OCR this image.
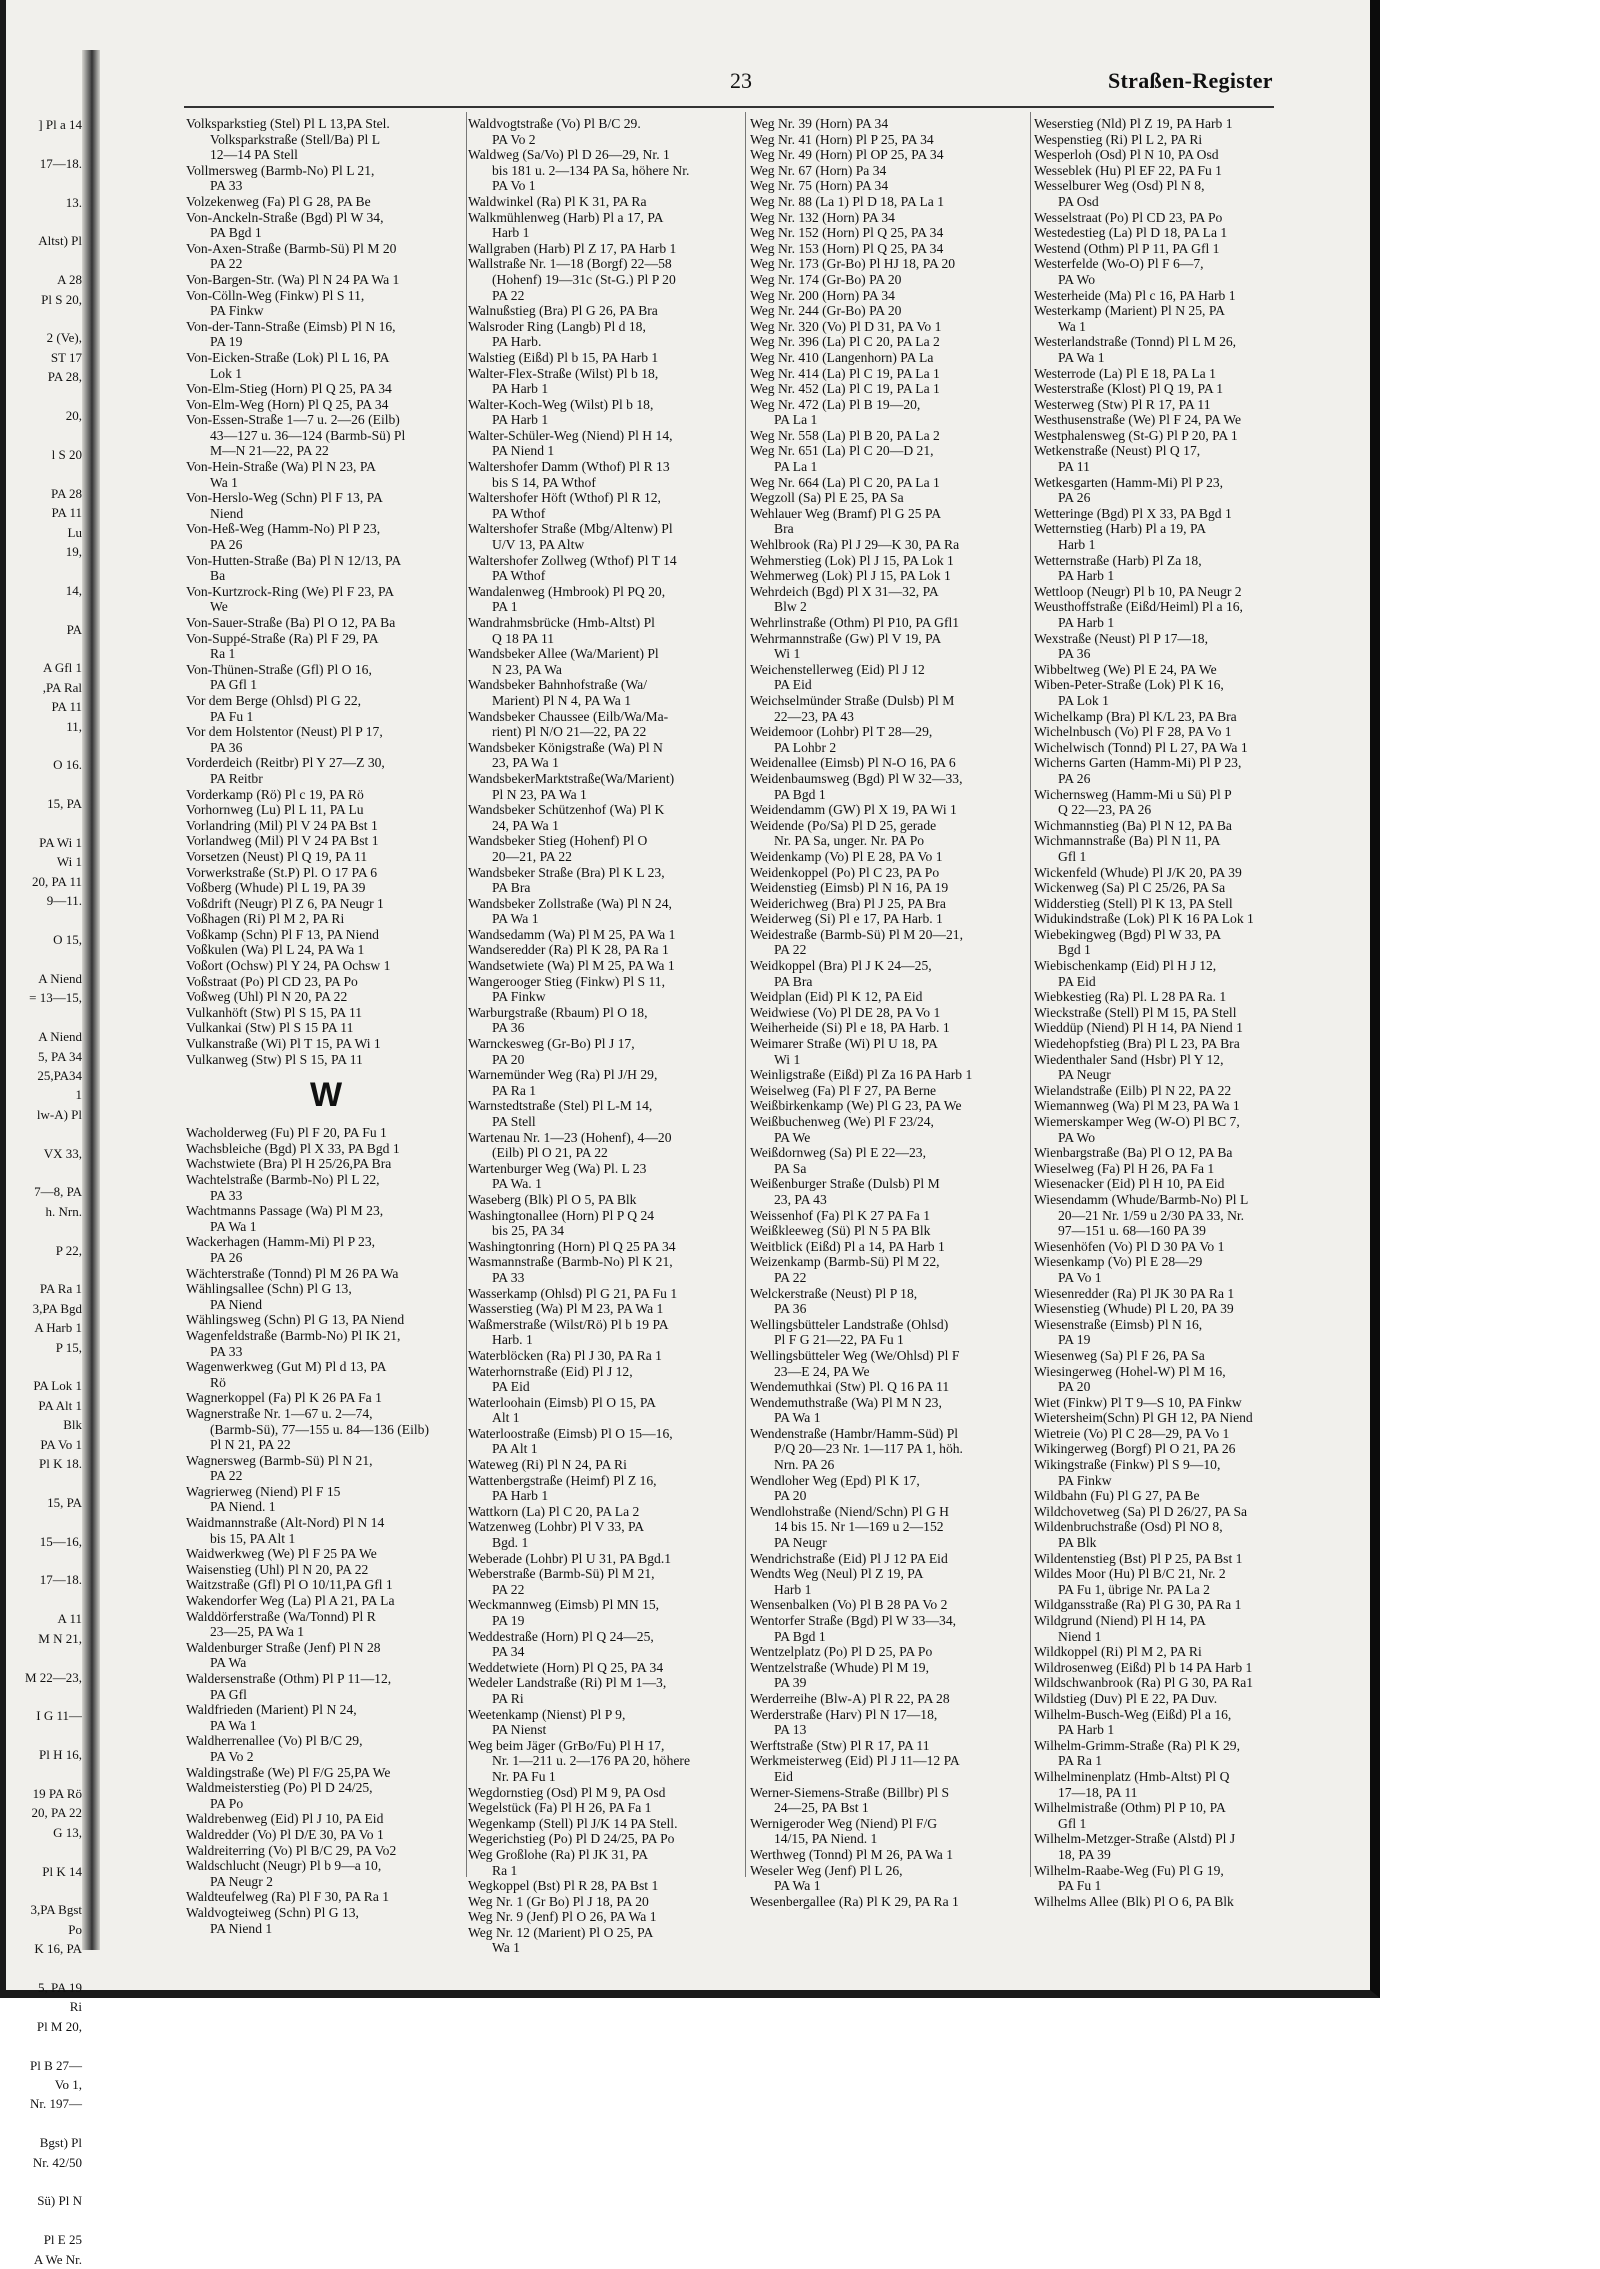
] Pl a 14

17—18.

13.

Altst) Pl

A 28
Pl S 20,

2 (Ve),
ST 17
PA 28,

20,

l S 20

PA 28
PA 11
Lu
19,

14,

PA

A Gfl 1
,PA Ral
PA 11
11,

O 16.

15, PA

PA Wi 1
Wi 1
20, PA 11
9—11.

O 15,

A Niend
= 13—15,

A Niend
5, PA 34
25,PA34
1
lw-A) Pl

VX 33,

7—8, PA
h. Nrn.

P 22,

PA Ra 1
3,PA Bgd
A Harb 1
P 15,

PA Lok 1
PA Alt 1
Blk
PA Vo 1
Pl K 18.

15, PA

15—16,

17—18.

A 11
M N 21,

M 22—23,

I G 11—

Pl H 16,

19 PA Rö
20, PA 22
G 13,

Pl K 14

3,PA Bgst
Po
K 16, PA

5, PA 19
Ri
Pl M 20,

Pl B 27—
Vo 1,
Nr. 197—

Bgst) Pl
Nr. 42/50

Sü) Pl N

Pl E 25
A We Nr.
23	Straßen-Register
Volksparkstieg (Stel) Pl L 13,PA Stel.
Volksparkstraße (Stell/Ba) Pl L
12—14 PA Stell
Vollmersweg (Barmb-No) Pl L 21,
PA 33
Volzekenweg (Fa) Pl G 28, PA Be
Von-Anckeln-Straße (Bgd) Pl W 34,
PA Bgd 1
Von-Axen-Straße (Barmb-Sü) Pl M 20
PA 22
Von-Bargen-Str. (Wa) Pl N 24 PA Wa 1
Von-Cölln-Weg (Finkw) Pl S 11,
PA Finkw
Von-der-Tann-Straße (Eimsb) Pl N 16,
PA 19
Von-Eicken-Straße (Lok) Pl L 16, PA
Lok 1
Von-Elm-Stieg (Horn) Pl Q 25, PA 34
Von-Elm-Weg (Horn) Pl Q 25, PA 34
Von-Essen-Straße 1—7 u. 2—26 (Eilb)
43—127 u. 36—124 (Barmb-Sü) Pl
M—N 21—22, PA 22
Von-Hein-Straße (Wa) Pl N 23, PA
Wa 1
Von-Herslo-Weg (Schn) Pl F 13, PA
Niend
Von-Heß-Weg (Hamm-No) Pl P 23,
PA 26
Von-Hutten-Straße (Ba) Pl N 12/13, PA
Ba
Von-Kurtzrock-Ring (We) Pl F 23, PA
We
Von-Sauer-Straße (Ba) Pl O 12, PA Ba
Von-Suppé-Straße (Ra) Pl F 29, PA
Ra 1
Von-Thünen-Straße (Gfl) Pl O 16,
PA Gfl 1
Vor dem Berge (Ohlsd) Pl G 22,
PA Fu 1
Vor dem Holstentor (Neust) Pl P 17,
PA 36
Vorderdeich (Reitbr) Pl Y 27—Z 30,
PA Reitbr
Vorderkamp (Rö) Pl c 19, PA Rö
Vorhornweg (Lu) Pl L 11, PA Lu
Vorlandring (Mil) Pl V 24 PA Bst 1
Vorlandweg (Mil) Pl V 24 PA Bst 1
Vorsetzen (Neust) Pl Q 19, PA 11
Vorwerkstraße (St.P) Pl. O 17 PA 6
Voßberg (Whude) Pl L 19, PA 39
Voßdrift (Neugr) Pl Z 6, PA Neugr 1
Voßhagen (Ri) Pl M 2, PA Ri
Voßkamp (Schn) Pl F 13, PA Niend
Voßkulen (Wa) Pl L 24, PA Wa 1
Voßort (Ochsw) Pl Y 24, PA Ochsw 1
Voßstraat (Po) Pl CD 23, PA Po
Voßweg (Uhl) Pl N 20, PA 22
Vulkanhöft (Stw) Pl S 15, PA 11
Vulkankai (Stw) Pl S 15 PA 11
Vulkanstraße (Wi) Pl T 15, PA Wi 1
Vulkanweg (Stw) Pl S 15, PA 11
W
Wacholderweg (Fu) Pl F 20, PA Fu 1
Wachsbleiche (Bgd) Pl X 33, PA Bgd 1
Wachstwiete (Bra) Pl H 25/26,PA Bra
Wachtelstraße (Barmb-No) Pl L 22,
PA 33
Wachtmanns Passage (Wa) Pl M 23,
PA Wa 1
Wackerhagen (Hamm-Mi) Pl P 23,
PA 26
Wächterstraße (Tonnd) Pl M 26 PA Wa
Wählingsallee (Schn) Pl G 13,
PA Niend
Wählingsweg (Schn) Pl G 13, PA Niend
Wagenfeldstraße (Barmb-No) Pl IK 21,
PA 33
Wagenwerkweg (Gut M) Pl d 13, PA
Rö
Wagnerkoppel (Fa) Pl K 26 PA Fa 1
Wagnerstraße Nr. 1—67 u. 2—74,
(Barmb-Sü), 77—155 u. 84—136 (Eilb)
Pl N 21, PA 22
Wagnersweg (Barmb-Sü) Pl N 21,
PA 22
Wagrierweg (Niend) Pl F 15
PA Niend. 1
Waidmannstraße (Alt-Nord) Pl N 14
bis 15, PA Alt 1
Waidwerkweg (We) Pl F 25 PA We
Waisenstieg (Uhl) Pl N 20, PA 22
Waitzstraße (Gfl) Pl O 10/11,PA Gfl 1
Wakendorfer Weg (La) Pl A 21, PA La
Walddörferstraße (Wa/Tonnd) Pl R
23—25, PA Wa 1
Waldenburger Straße (Jenf) Pl N 28
PA Wa
Waldersenstraße (Othm) Pl P 11—12,
PA Gfl
Waldfrieden (Marient) Pl N 24,
PA Wa 1
Waldherrenallee (Vo) Pl B/C 29,
PA Vo 2
Waldingstraße (We) Pl F/G 25,PA We
Waldmeisterstieg (Po) Pl D 24/25,
PA Po
Waldrebenweg (Eid) Pl J 10, PA Eid
Waldredder (Vo) Pl D/E 30, PA Vo 1
Waldreiterring (Vo) Pl B/C 29, PA Vo2
Waldschlucht (Neugr) Pl b 9—a 10,
PA Neugr 2
Waldteufelweg (Ra) Pl F 30, PA Ra 1
Waldvogteiweg (Schn) Pl G 13,
PA Niend 1
Waldvogtstraße (Vo) Pl B/C 29.
PA Vo 2
Waldweg (Sa/Vo) Pl D 26—29, Nr. 1
bis 181 u. 2—134 PA Sa, höhere Nr.
PA Vo 1
Waldwinkel (Ra) Pl K 31, PA Ra
Walkmühlenweg (Harb) Pl a 17, PA
Harb 1
Wallgraben (Harb) Pl Z 17, PA Harb 1
Wallstraße Nr. 1—18 (Borgf) 22—58
(Hohenf) 19—31c (St-G.) Pl P 20
PA 22
Walnußstieg (Bra) Pl G 26, PA Bra
Walsroder Ring (Langb) Pl d 18,
PA Harb.
Walstieg (Eißd) Pl b 15, PA Harb 1
Walter-Flex-Straße (Wilst) Pl b 18,
PA Harb 1
Walter-Koch-Weg (Wilst) Pl b 18,
PA Harb 1
Walter-Schüler-Weg (Niend) Pl H 14,
PA Niend 1
Waltershofer Damm (Wthof) Pl R 13
bis S 14, PA Wthof
Waltershofer Höft (Wthof) Pl R 12,
PA Wthof
Waltershofer Straße (Mbg/Altenw) Pl
U/V 13, PA Altw
Waltershofer Zollweg (Wthof) Pl T 14
PA Wthof
Wandalenweg (Hmbrook) Pl PQ 20,
PA 1
Wandrahmsbrücke (Hmb-Altst) Pl
Q 18 PA 11
Wandsbeker Allee (Wa/Marient) Pl
N 23, PA Wa
Wandsbeker Bahnhofstraße (Wa/
Marient) Pl N 4, PA Wa 1
Wandsbeker Chaussee (Eilb/Wa/Ma-
rient) Pl N/O 21—22, PA 22
Wandsbeker Königstraße (Wa) Pl N
23, PA Wa 1
WandsbekerMarktstraße(Wa/Marient)
Pl N 23, PA Wa 1
Wandsbeker Schützenhof (Wa) Pl K
24, PA Wa 1
Wandsbeker Stieg (Hohenf) Pl O
20—21, PA 22
Wandsbeker Straße (Bra) Pl K L 23,
PA Bra
Wandsbeker Zollstraße (Wa) Pl N 24,
PA Wa 1
Wandsedamm (Wa) Pl M 25, PA Wa 1
Wandseredder (Ra) Pl K 28, PA Ra 1
Wandsetwiete (Wa) Pl M 25, PA Wa 1
Wangerooger Stieg (Finkw) Pl S 11,
PA Finkw
Warburgstraße (Rbaum) Pl O 18,
PA 36
Warnckesweg (Gr-Bo) Pl J 17,
PA 20
Warnemünder Weg (Ra) Pl J/H 29,
PA Ra 1
Warnstedtstraße (Stel) Pl L-M 14,
PA Stell
Wartenau Nr. 1—23 (Hohenf), 4—20
(Eilb) Pl O 21, PA 22
Wartenburger Weg (Wa) Pl. L 23
PA Wa. 1
Waseberg (Blk) Pl O 5, PA Blk
Washingtonallee (Horn) Pl P Q 24
bis 25, PA 34
Washingtonring (Horn) Pl Q 25 PA 34
Wasmannstraße (Barmb-No) Pl K 21,
PA 33
Wasserkamp (Ohlsd) Pl G 21, PA Fu 1
Wasserstieg (Wa) Pl M 23, PA Wa 1
Waßmerstraße (Wilst/Rö) Pl b 19 PA
Harb. 1
Waterblöcken (Ra) Pl J 30, PA Ra 1
Waterhornstraße (Eid) Pl J 12,
PA Eid
Waterloohain (Eimsb) Pl O 15, PA
Alt 1
Waterloostraße (Eimsb) Pl O 15—16,
PA Alt 1
Wateweg (Ri) Pl N 24, PA Ri
Wattenbergstraße (Heimf) Pl Z 16,
PA Harb 1
Wattkorn (La) Pl C 20, PA La 2
Watzenweg (Lohbr) Pl V 33, PA
Bgd. 1
Weberade (Lohbr) Pl U 31, PA Bgd.1
Weberstraße (Barmb-Sü) Pl M 21,
PA 22
Weckmannweg (Eimsb) Pl MN 15,
PA 19
Weddestraße (Horn) Pl Q 24—25,
PA 34
Weddetwiete (Horn) Pl Q 25, PA 34
Wedeler Landstraße (Ri) Pl M 1—3,
PA Ri
Weetenkamp (Nienst) Pl P 9,
PA Nienst
Weg beim Jäger (GrBo/Fu) Pl H 17,
Nr. 1—211 u. 2—176 PA 20, höhere
Nr. PA Fu 1
Wegdornstieg (Osd) Pl M 9, PA Osd
Wegelstück (Fa) Pl H 26, PA Fa 1
Wegenkamp (Stell) Pl J/K 14 PA Stell.
Wegerichstieg (Po) Pl D 24/25, PA Po
Weg Großlohe (Ra) Pl JK 31, PA
Ra 1
Wegkoppel (Bst) Pl R 28, PA Bst 1
Weg Nr. 1 (Gr Bo) Pl J 18, PA 20
Weg Nr. 9 (Jenf) Pl O 26, PA Wa 1
Weg Nr. 12 (Marient) Pl O 25, PA
Wa 1
Weg Nr. 39 (Horn) PA 34
Weg Nr. 41 (Horn) Pl P 25, PA 34
Weg Nr. 49 (Horn) Pl OP 25, PA 34
Weg Nr. 67 (Horn) Pa 34
Weg Nr. 75 (Horn) PA 34
Weg Nr. 88 (La 1) Pl D 18, PA La 1
Weg Nr. 132 (Horn) PA 34
Weg Nr. 152 (Horn) Pl Q 25, PA 34
Weg Nr. 153 (Horn) Pl Q 25, PA 34
Weg Nr. 173 (Gr-Bo) Pl HJ 18, PA 20
Weg Nr. 174 (Gr-Bo) PA 20
Weg Nr. 200 (Horn) PA 34
Weg Nr. 244 (Gr-Bo) PA 20
Weg Nr. 320 (Vo) Pl D 31, PA Vo 1
Weg Nr. 396 (La) Pl C 20, PA La 2
Weg Nr. 410 (Langenhorn) PA La
Weg Nr. 414 (La) Pl C 19, PA La 1
Weg Nr. 452 (La) Pl C 19, PA La 1
Weg Nr. 472 (La) Pl B 19—20,
PA La 1
Weg Nr. 558 (La) Pl B 20, PA La 2
Weg Nr. 651 (La) Pl C 20—D 21,
PA La 1
Weg Nr. 664 (La) Pl C 20, PA La 1
Wegzoll (Sa) Pl E 25, PA Sa
Wehlauer Weg (Bramf) Pl G 25 PA
Bra
Wehlbrook (Ra) Pl J 29—K 30, PA Ra
Wehmerstieg (Lok) Pl J 15, PA Lok 1
Wehmerweg (Lok) Pl J 15, PA Lok 1
Wehrdeich (Bgd) Pl X 31—32, PA
Blw 2
Wehrlinstraße (Othm) Pl P10, PA Gfl1
Wehrmannstraße (Gw) Pl V 19, PA
Wi 1
Weichenstellerweg (Eid) Pl J 12
PA Eid
Weichselmünder Straße (Dulsb) Pl M
22—23, PA 43
Weidemoor (Lohbr) Pl T 28—29,
PA Lohbr 2
Weidenallee (Eimsb) Pl N-O 16, PA 6
Weidenbaumsweg (Bgd) Pl W 32—33,
PA Bgd 1
Weidendamm (GW) Pl X 19, PA Wi 1
Weidende (Po/Sa) Pl D 25, gerade
Nr. PA Sa, unger. Nr. PA Po
Weidenkamp (Vo) Pl E 28, PA Vo 1
Weidenkoppel (Po) Pl C 23, PA Po
Weidenstieg (Eimsb) Pl N 16, PA 19
Weiderichweg (Bra) Pl J 25, PA Bra
Weiderweg (Si) Pl e 17, PA Harb. 1
Weidestraße (Barmb-Sü) Pl M 20—21,
PA 22
Weidkoppel (Bra) Pl J K 24—25,
PA Bra
Weidplan (Eid) Pl K 12, PA Eid
Weidwiese (Vo) Pl DE 28, PA Vo 1
Weiherheide (Si) Pl e 18, PA Harb. 1
Weimarer Straße (Wi) Pl U 18, PA
Wi 1
Weinligstraße (Eißd) Pl Za 16 PA Harb 1
Weiselweg (Fa) Pl F 27, PA Berne
Weißbirkenkamp (We) Pl G 23, PA We
Weißbuchenweg (We) Pl F 23/24,
PA We
Weißdornweg (Sa) Pl E 22—23,
PA Sa
Weißenburger Straße (Dulsb) Pl M
23, PA 43
Weissenhof (Fa) Pl K 27 PA Fa 1
Weißkleeweg (Sü) Pl N 5 PA Blk
Weitblick (Eißd) Pl a 14, PA Harb 1
Weizenkamp (Barmb-Sü) Pl M 22,
PA 22
Welckerstraße (Neust) Pl P 18,
PA 36
Wellingsbütteler Landstraße (Ohlsd)
Pl F G 21—22, PA Fu 1
Wellingsbütteler Weg (We/Ohlsd) Pl F
23—E 24, PA We
Wendemuthkai (Stw) Pl. Q 16 PA 11
Wendemuthstraße (Wa) Pl M N 23,
PA Wa 1
Wendenstraße (Hambr/Hamm-Süd) Pl
P/Q 20—23 Nr. 1—117 PA 1, höh.
Nrn. PA 26
Wendloher Weg (Epd) Pl K 17,
PA 20
Wendlohstraße (Niend/Schn) Pl G H
14 bis 15. Nr 1—169 u 2—152
PA Neugr
Wendrichstraße (Eid) Pl J 12 PA Eid
Wendts Weg (Neul) Pl Z 19, PA
Harb 1
Wensenbalken (Vo) Pl B 28 PA Vo 2
Wentorfer Straße (Bgd) Pl W 33—34,
PA Bgd 1
Wentzelplatz (Po) Pl D 25, PA Po
Wentzelstraße (Whude) Pl M 19,
PA 39
Werderreihe (Blw-A) Pl R 22, PA 28
Werderstraße (Harv) Pl N 17—18,
PA 13
Werftstraße (Stw) Pl R 17, PA 11
Werkmeisterweg (Eid) Pl J 11—12 PA
Eid
Werner-Siemens-Straße (Billbr) Pl S
24—25, PA Bst 1
Wernigeroder Weg (Niend) Pl F/G
14/15, PA Niend. 1
Werthweg (Tonnd) Pl M 26, PA Wa 1
Weseler Weg (Jenf) Pl L 26,
PA Wa 1
Wesenbergallee (Ra) Pl K 29, PA Ra 1
Weserstieg (Nld) Pl Z 19, PA Harb 1
Wespenstieg (Ri) Pl L 2, PA Ri
Wesperloh (Osd) Pl N 10, PA Osd
Wesseblek (Hu) Pl EF 22, PA Fu 1
Wesselburer Weg (Osd) Pl N 8,
PA Osd
Wesselstraat (Po) Pl CD 23, PA Po
Westedestieg (La) Pl D 18, PA La 1
Westend (Othm) Pl P 11, PA Gfl 1
Westerfelde (Wo-O) Pl F 6—7,
PA Wo
Westerheide (Ma) Pl c 16, PA Harb 1
Westerkamp (Marient) Pl N 25, PA
Wa 1
Westerlandstraße (Tonnd) Pl L M 26,
PA Wa 1
Westerrode (La) Pl E 18, PA La 1
Westerstraße (Klost) Pl Q 19, PA 1
Westerweg (Stw) Pl R 17, PA 11
Westhusenstraße (We) Pl F 24, PA We
Westphalensweg (St-G) Pl P 20, PA 1
Wetkenstraße (Neust) Pl Q 17,
PA 11
Wetkesgarten (Hamm-Mi) Pl P 23,
PA 26
Wetteringe (Bgd) Pl X 33, PA Bgd 1
Wetternstieg (Harb) Pl a 19, PA
Harb 1
Wetternstraße (Harb) Pl Za 18,
PA Harb 1
Wettloop (Neugr) Pl b 10, PA Neugr 2
Weusthoffstraße (Eißd/Heiml) Pl a 16,
PA Harb 1
Wexstraße (Neust) Pl P 17—18,
PA 36
Wibbeltweg (We) Pl E 24, PA We
Wiben-Peter-Straße (Lok) Pl K 16,
PA Lok 1
Wichelkamp (Bra) Pl K/L 23, PA Bra
Wichelnbusch (Vo) Pl F 28, PA Vo 1
Wichelwisch (Tonnd) Pl L 27, PA Wa 1
Wicherns Garten (Hamm-Mi) Pl P 23,
PA 26
Wichernsweg (Hamm-Mi u Sü) Pl P
Q 22—23, PA 26
Wichmannstieg (Ba) Pl N 12, PA Ba
Wichmannstraße (Ba) Pl N 11, PA
Gfl 1
Wickenfeld (Whude) Pl J/K 20, PA 39
Wickenweg (Sa) Pl C 25/26, PA Sa
Widderstieg (Stell) Pl K 13, PA Stell
Widukindstraße (Lok) Pl K 16 PA Lok 1
Wiebekingweg (Bgd) Pl W 33, PA
Bgd 1
Wiebischenkamp (Eid) Pl H J 12,
PA Eid
Wiebkestieg (Ra) Pl. L 28 PA Ra. 1
Wieckstraße (Stell) Pl M 15, PA Stell
Wieddüp (Niend) Pl H 14, PA Niend 1
Wiedehopfstieg (Bra) Pl L 23, PA Bra
Wiedenthaler Sand (Hsbr) Pl Y 12,
PA Neugr
Wielandstraße (Eilb) Pl N 22, PA 22
Wiemannweg (Wa) Pl M 23, PA Wa 1
Wiemerskamper Weg (W-O) Pl BC 7,
PA Wo
Wienbargstraße (Ba) Pl O 12, PA Ba
Wieselweg (Fa) Pl H 26, PA Fa 1
Wiesenacker (Eid) Pl H 10, PA Eid
Wiesendamm (Whude/Barmb-No) Pl L
20—21 Nr. 1/59 u 2/30 PA 33, Nr.
97—151 u. 68—160 PA 39
Wiesenhöfen (Vo) Pl D 30 PA Vo 1
Wiesenkamp (Vo) Pl E 28—29
PA Vo 1
Wiesenredder (Ra) Pl JK 30 PA Ra 1
Wiesenstieg (Whude) Pl L 20, PA 39
Wiesenstraße (Eimsb) Pl N 16,
PA 19
Wiesenweg (Sa) Pl F 26, PA Sa
Wiesingerweg (Hohel-W) Pl M 16,
PA 20
Wiet (Finkw) Pl T 9—S 10, PA Finkw
Wietersheim(Schn) Pl GH 12, PA Niend
Wietreie (Vo) Pl C 28—29, PA Vo 1
Wikingerweg (Borgf) Pl O 21, PA 26
Wikingstraße (Finkw) Pl S 9—10,
PA Finkw
Wildbahn (Fu) Pl G 27, PA Be
Wildchovetweg (Sa) Pl D 26/27, PA Sa
Wildenbruchstraße (Osd) Pl NO 8,
PA Blk
Wildentenstieg (Bst) Pl P 25, PA Bst 1
Wildes Moor (Hu) Pl B/C 21, Nr. 2
PA Fu 1, übrige Nr. PA La 2
Wildgansstraße (Ra) Pl G 30, PA Ra 1
Wildgrund (Niend) Pl H 14, PA
Niend 1
Wildkoppel (Ri) Pl M 2, PA Ri
Wildrosenweg (Eißd) Pl b 14 PA Harb 1
Wildschwanbrook (Ra) Pl G 30, PA Ra1
Wildstieg (Duv) Pl E 22, PA Duv.
Wilhelm-Busch-Weg (Eißd) Pl a 16,
PA Harb 1
Wilhelm-Grimm-Straße (Ra) Pl K 29,
PA Ra 1
Wilhelminenplatz (Hmb-Altst) Pl Q
17—18, PA 11
Wilhelmistraße (Othm) Pl P 10, PA
Gfl 1
Wilhelm-Metzger-Straße (Alstd) Pl J
18, PA 39
Wilhelm-Raabe-Weg (Fu) Pl G 19,
PA Fu 1
Wilhelms Allee (Blk) Pl O 6, PA Blk
